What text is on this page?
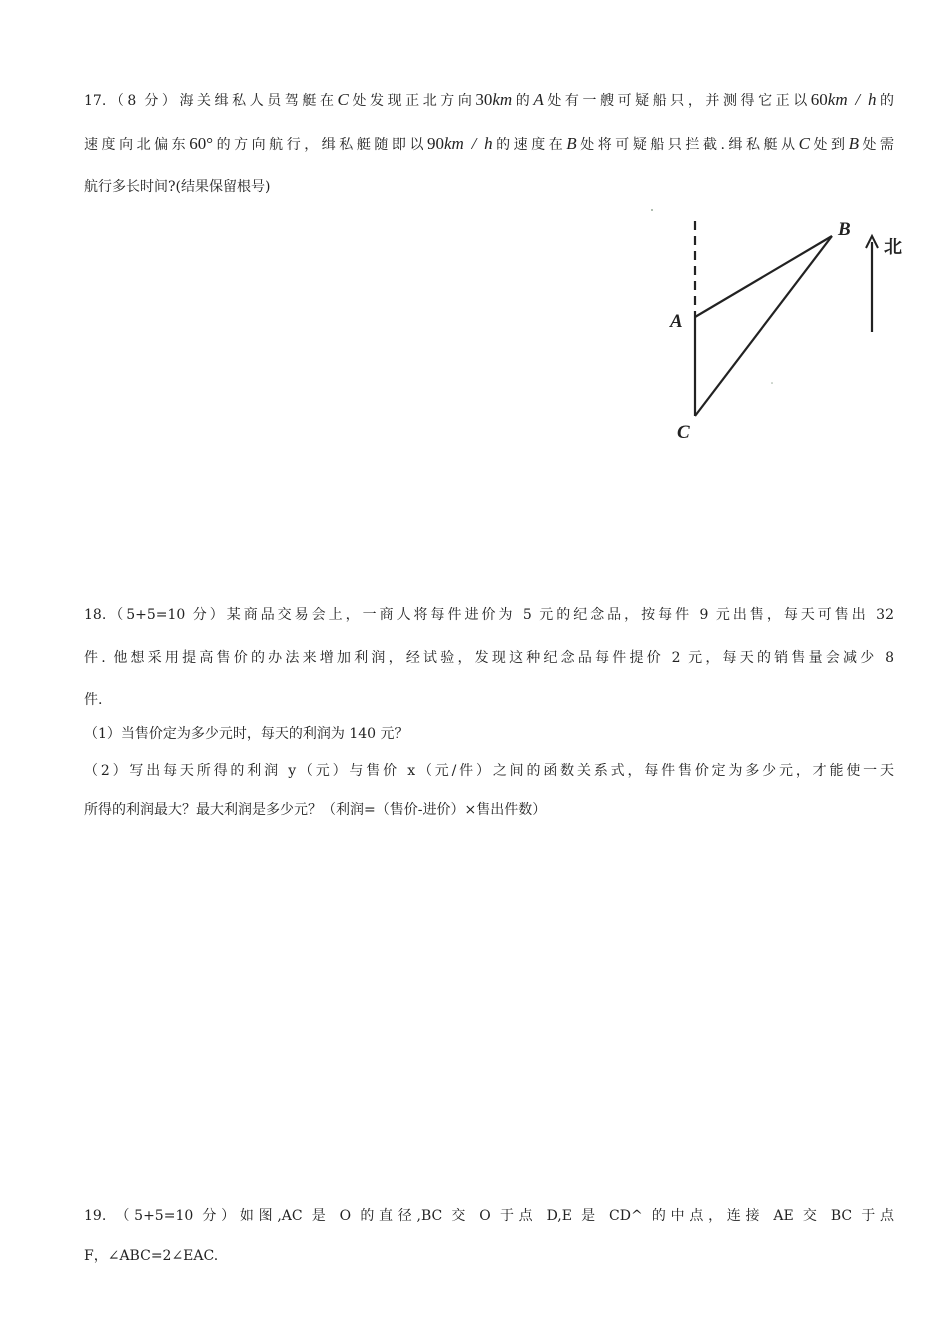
17.（8 分）海关缉私人员驾艇在C处发现正北方向30km的A处有一艘可疑船只，并测得它正以60km / h的
速度向北偏东60°的方向航行，缉私艇随即以90km / h的速度在B处将可疑船只拦截.缉私艇从C处到B处需
航行多长时间?(结果保留根号)
A
B
C
北
18.（5+5=10 分）某商品交易会上，一商人将每件进价为 5 元的纪念品，按每件 9 元出售，每天可售出 32
件. 他想采用提高售价的办法来增加利润，经试验，发现这种纪念品每件提价 2 元，每天的销售量会减少 8
件.
（1）当售价定为多少元时，每天的利润为 140 元？
（2）写出每天所得的利润 y（元）与售价 x（元/件）之间的函数关系式，每件售价定为多少元，才能使一天
所得的利润最大？最大利润是多少元？（利润=（售价-进价）×售出件数）
19. （5+5=10 分）如图,AC 是 O 的直径,BC 交 O 于点 D,E 是 CD^ 的中点，连接 AE 交 BC 于点
F，∠ABC=2∠EAC.
